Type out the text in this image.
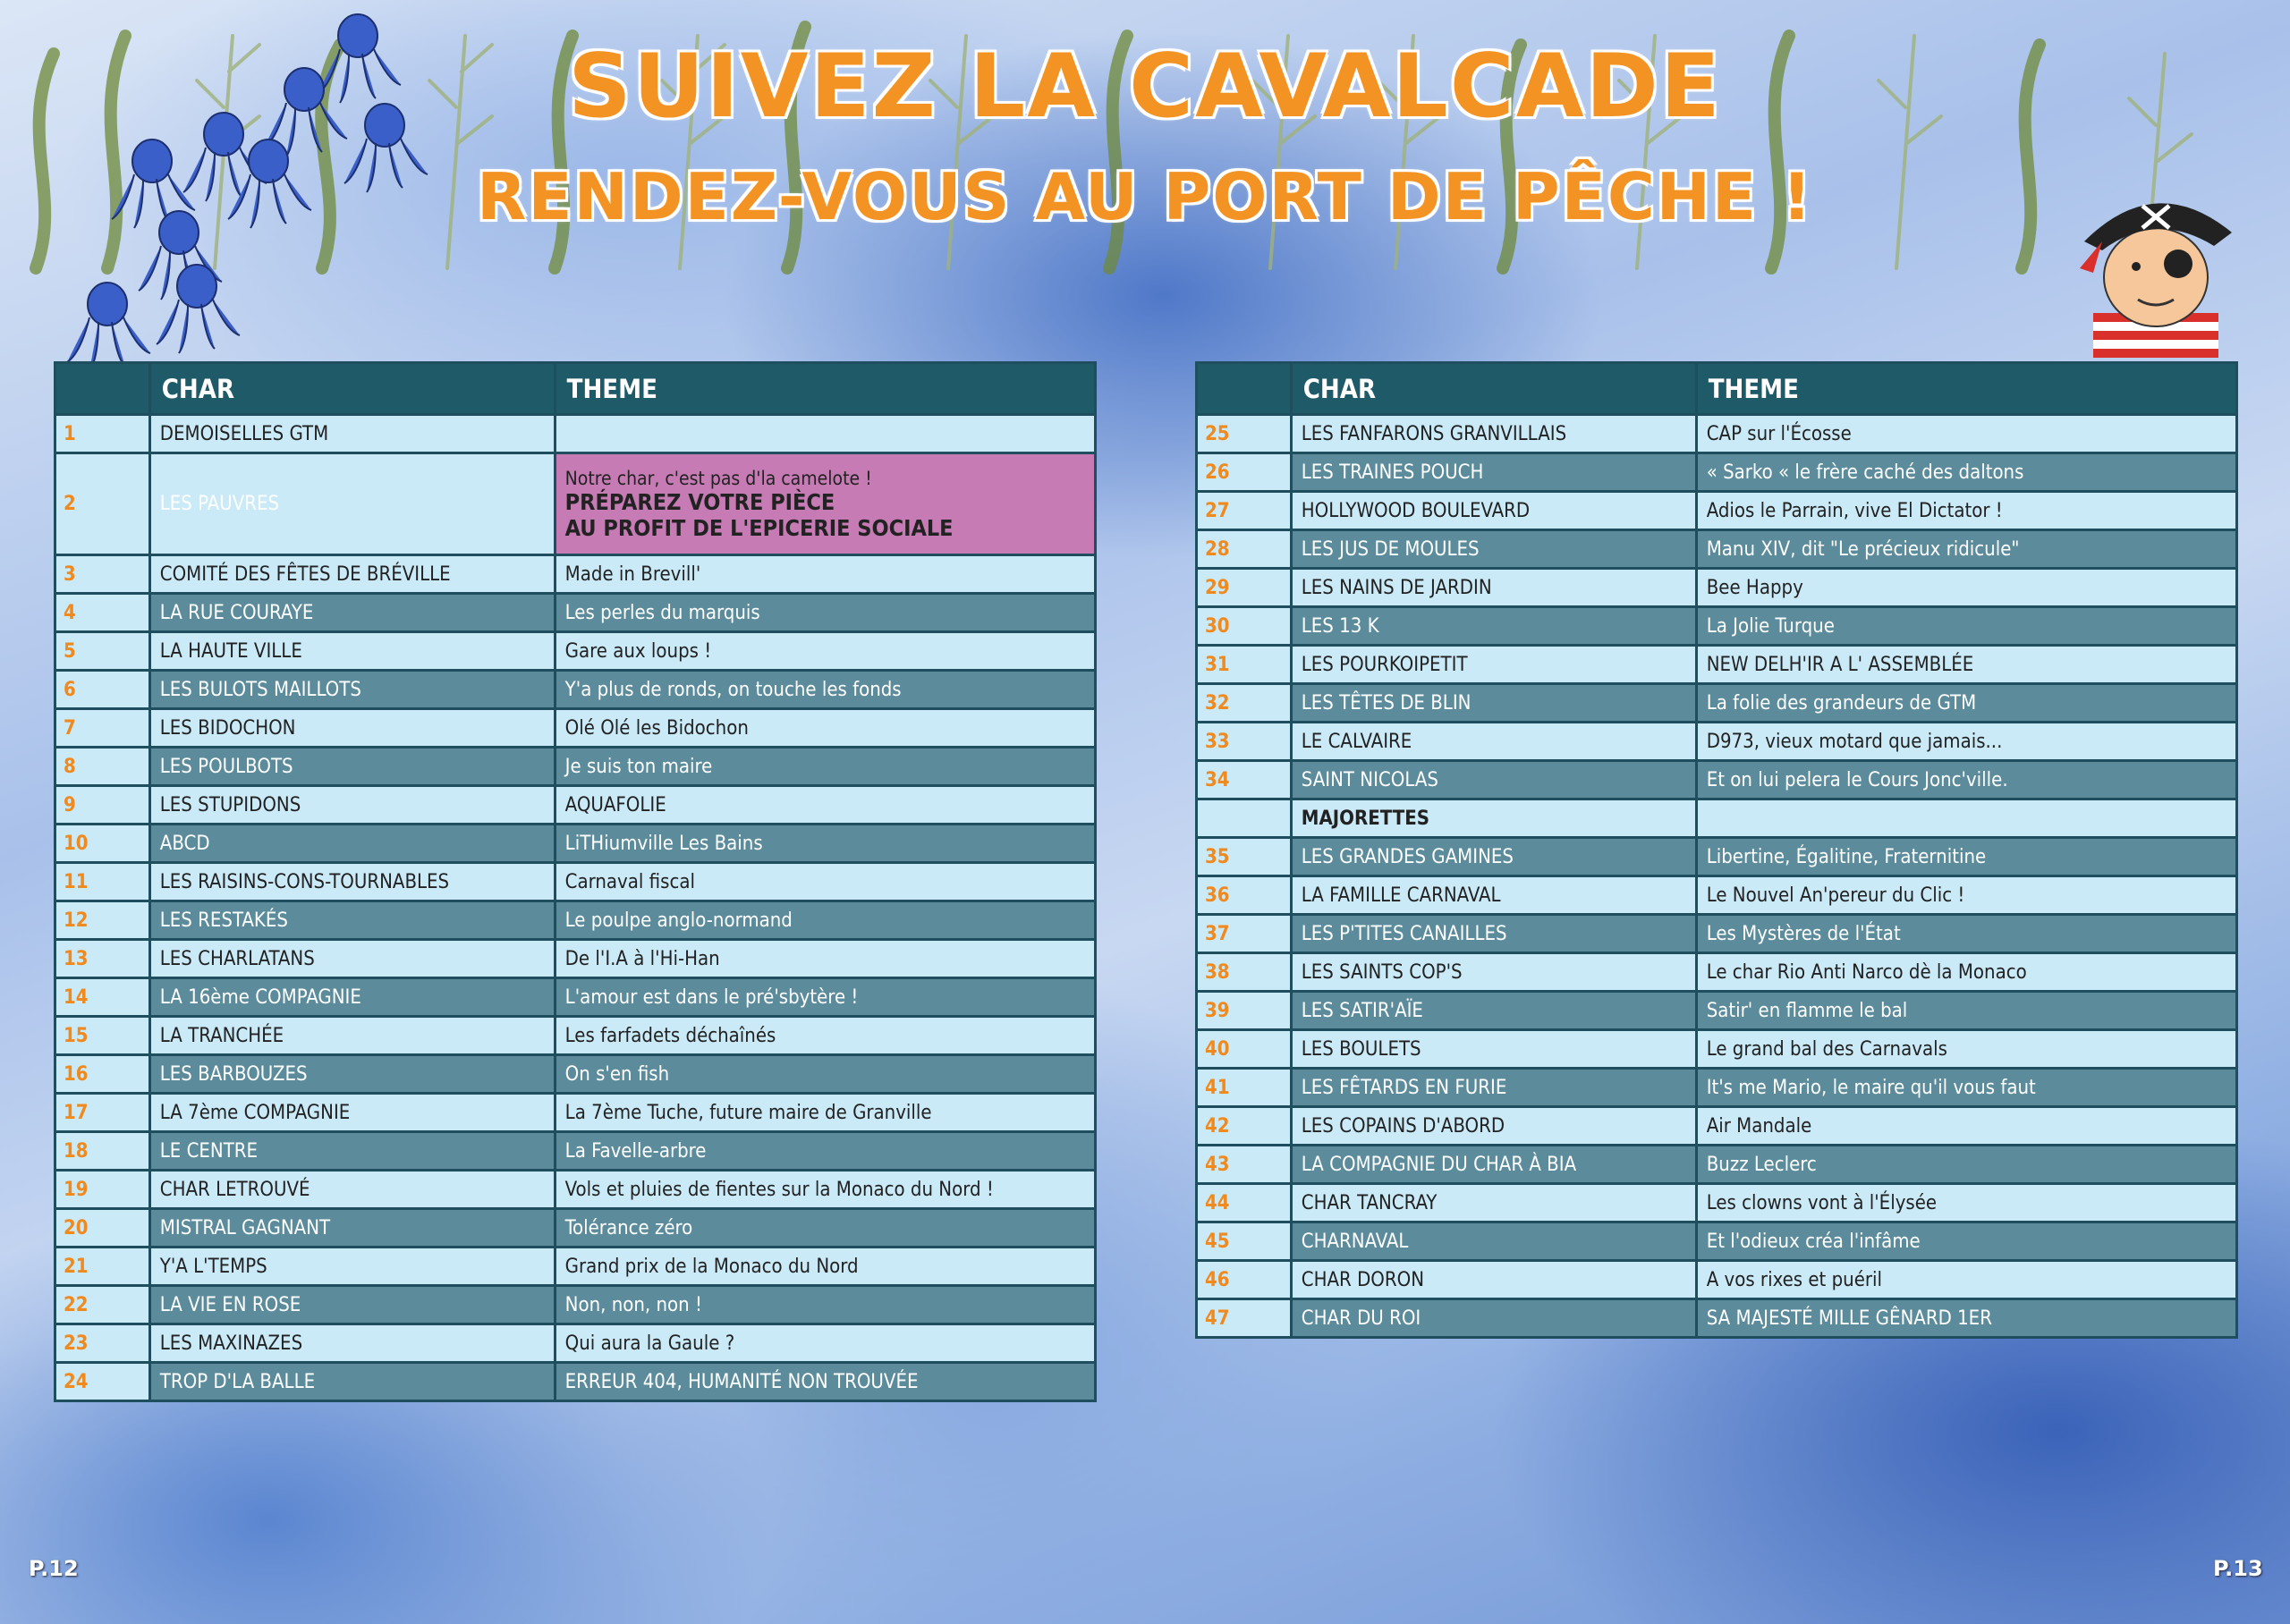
SUIVEZ LA CAVALCADE
RENDEZ-VOUS AU PORT DE PÊCHE !
	CHAR	THEME
1	DEMOISELLES GTM	
2	LES PAUVRES	Notre char, c'est pas d'la camelote !
PRÉPAREZ VOTRE PIÈCE
AU PROFIT DE L'EPICERIE SOCIALE

3	COMITÉ DES FÊTES DE BRÉVILLE	Made in Brevill'
4	LA RUE COURAYE	Les perles du marquis
5	LA HAUTE VILLE	Gare aux loups !
6	LES BULOTS MAILLOTS	Y'a plus de ronds, on touche les fonds
7	LES BIDOCHON	Olé Olé les Bidochon
8	LES POULBOTS	Je suis ton maire
9	LES STUPIDONS	AQUAFOLIE
10	ABCD	LiTHiumville Les Bains
11	LES RAISINS-CONS-TOURNABLES	Carnaval fiscal
12	LES RESTAKÉS	Le poulpe anglo-normand
13	LES CHARLATANS	De l'I.A à l'Hi-Han
14	LA 16ème COMPAGNIE	L'amour est dans le pré'sbytère !
15	LA TRANCHÉE	Les farfadets déchaînés
16	LES BARBOUZES	On s'en fish
17	LA 7ème COMPAGNIE	La 7ème Tuche, future maire de Granville
18	LE CENTRE	La Favelle-arbre
19	CHAR LETROUVÉ	Vols et pluies de fientes sur la Monaco du Nord !
20	MISTRAL GAGNANT	Tolérance zéro
21	Y'A L'TEMPS	Grand prix de la Monaco du Nord
22	LA VIE EN ROSE	Non, non, non !
23	LES MAXINAZES	Qui aura la Gaule ?
24	TROP D'LA BALLE	ERREUR 404, HUMANITÉ NON TROUVÉE
	CHAR	THEME
25	LES FANFARONS GRANVILLAIS	CAP sur l'Écosse
26	LES TRAINES POUCH	« Sarko « le frère caché des daltons
27	HOLLYWOOD BOULEVARD	Adios le Parrain, vive El Dictator !
28	LES JUS DE MOULES	Manu XIV, dit "Le précieux ridicule"
29	LES NAINS DE JARDIN	Bee Happy
30	LES 13 K	La Jolie Turque
31	LES POURKOIPETIT	NEW DELH'IR A L' ASSEMBLÉE
32	LES TÊTES DE BLIN	La folie des grandeurs de GTM
33	LE CALVAIRE	D973, vieux motard que jamais...
34	SAINT NICOLAS	Et on lui pelera le Cours Jonc'ville.
	MAJORETTES	
35	LES GRANDES GAMINES	Libertine, Égalitine, Fraternitine
36	LA FAMILLE CARNAVAL	Le Nouvel An'pereur du Clic !
37	LES P'TITES CANAILLES	Les Mystères de l'État
38	LES SAINTS COP'S	Le char Rio Anti Narco dè la Monaco
39	LES SATIR'AÏE	Satir' en flamme le bal
40	LES BOULETS	Le grand bal des Carnavals
41	LES FÊTARDS EN FURIE	It's me Mario, le maire qu'il vous faut
42	LES COPAINS D'ABORD	Air Mandale
43	LA COMPAGNIE DU CHAR À BIA	Buzz Leclerc
44	CHAR TANCRAY	Les clowns vont à l'Élysée
45	CHARNAVAL	Et l'odieux créa l'infâme
46	CHAR DORON	A vos rixes et puéril
47	CHAR DU ROI	SA MAJESTÉ MILLE GÊNARD 1ER
P.12	P.13
